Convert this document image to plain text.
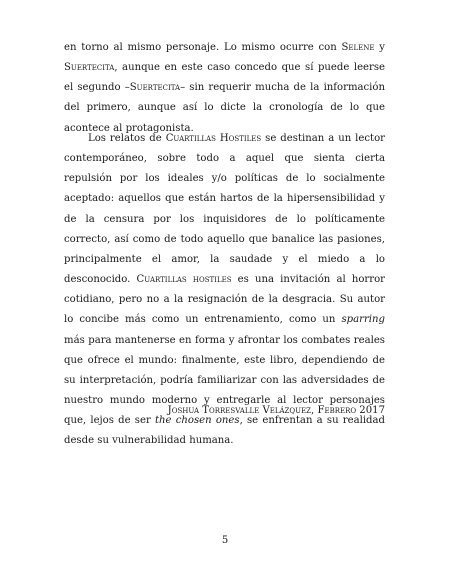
en torno al mismo personaje. Lo mismo ocurre con Selene y Suertecita, aunque en este caso concedo que sí puede leerse el segundo –Suertecita– sin requerir mucha de la información del primero, aunque así lo dicte la cronología de lo que acontece al protagonista.

Los relatos de Cuartillas Hostiles se destinan a un lector contemporáneo, sobre todo a aquel que sienta cierta repulsión por los ideales y/o políticas de lo socialmente aceptado: aquellos que están hartos de la hipersensibilidad y de la censura por los inquisidores de lo políticamente correcto, así como de todo aquello que banalice las pasiones, principalmente el amor, la saudade y el miedo a lo desconocido. Cuartillas hostiles es una invitación al horror cotidiano, pero no a la resignación de la desgracia. Su autor lo concibe más como un entrenamiento, como un sparring más para mantenerse en forma y afrontar los combates reales que ofrece el mundo: finalmente, este libro, dependiendo de su interpretación, podría familiarizar con las adversidades de nuestro mundo moderno y entregarle al lector personajes que, lejos de ser the chosen ones, se enfrentan a su realidad desde su vulnerabilidad humana.

Joshua Torresvalle Velázquez, Febrero 2017
5
